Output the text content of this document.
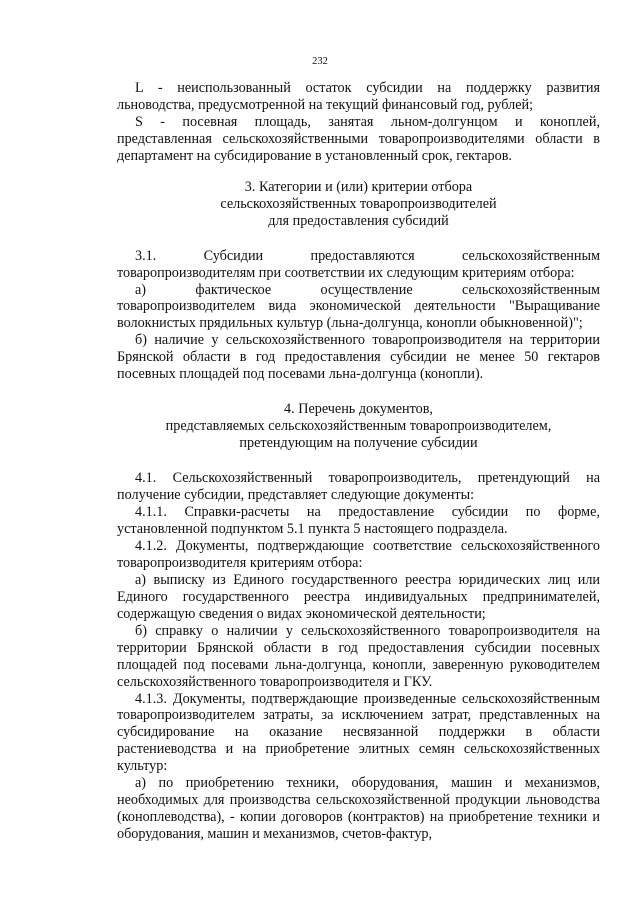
232

L - неиспользованный остаток субсидии на поддержку развития льноводства, предусмотренной на текущий финансовый год, рублей;

S - посевная площадь, занятая льном-долгунцом и коноплей, представленная сельскохозяйственными товаропроизводителями области в департамент на субсидирование в установленный срок, гектаров.

3. Категории и (или) критерии отбора

сельскохозяйственных товаропроизводителей

для предоставления субсидий

3.1. Субсидии предоставляются сельскохозяйственным товаропроизводителям при соответствии их следующим критериям отбора:

а) фактическое осуществление сельскохозяйственным товаропроизводителем вида экономической деятельности "Выращивание волокнистых прядильных культур (льна-долгунца, конопли обыкновенной)";

б) наличие у сельскохозяйственного товаропроизводителя на территории Брянской области в год предоставления субсидии не менее 50 гектаров посевных площадей под посевами льна-долгунца (конопли).

4. Перечень документов,

представляемых сельскохозяйственным товаропроизводителем,

претендующим на получение субсидии

4.1. Сельскохозяйственный товаропроизводитель, претендующий на получение субсидии, представляет следующие документы:

4.1.1. Справки-расчеты на предоставление субсидии по форме, установленной подпунктом 5.1 пункта 5 настоящего подраздела.

4.1.2. Документы, подтверждающие соответствие сельскохозяйственного товаропроизводителя критериям отбора:

а) выписку из Единого государственного реестра юридических лиц или Единого государственного реестра индивидуальных предпринимателей, содержащую сведения о видах экономической деятельности;

б) справку о наличии у сельскохозяйственного товаропроизводителя на территории Брянской области в год предоставления субсидии посевных площадей под посевами льна-долгунца, конопли, заверенную руководителем сельскохозяйственного товаропроизводителя и ГКУ.

4.1.3. Документы, подтверждающие произведенные сельскохозяйственным товаропроизводителем затраты, за исключением затрат, представленных на субсидирование на оказание несвязанной поддержки в области растениеводства и на приобретение элитных семян сельскохозяйственных культур:

а) по приобретению техники, оборудования, машин и механизмов, необходимых для производства сельскохозяйственной продукции льноводства (коноплеводства), - копии договоров (контрактов) на приобретение техники и оборудования, машин и механизмов, счетов-фактур,
